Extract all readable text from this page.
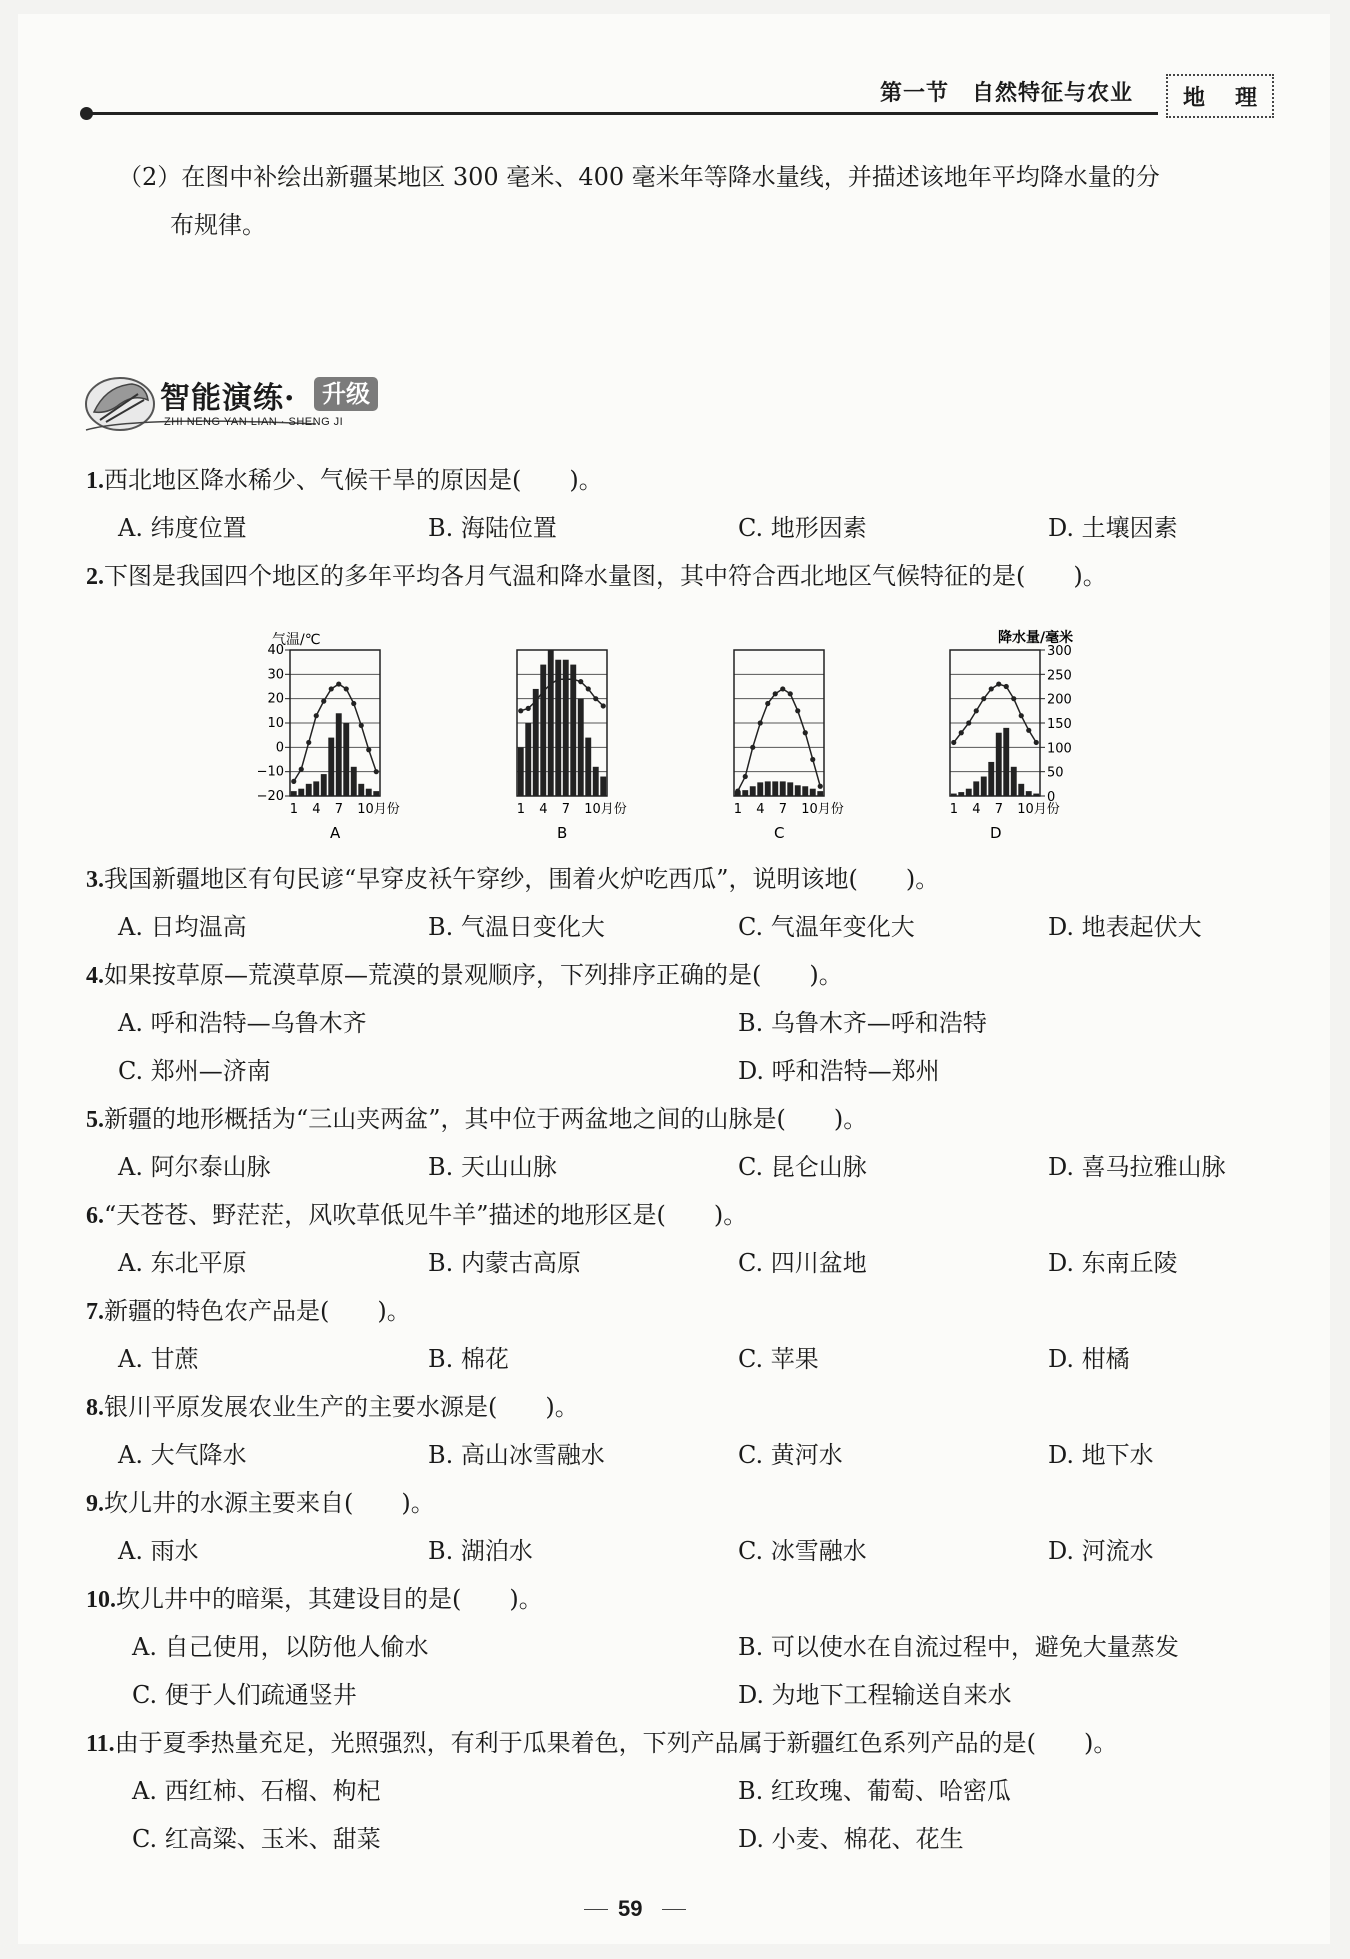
第一节　自然特征与农业 地 理
（2）在图中补绘出新疆某地区 300 毫米、400 毫米年等降水量线，并描述该地年平均降水量的分
布规律。
智能演练·	升级
ZHI NENG YAN LIAN · SHENG JI
1.西北地区降水稀少、气候干旱的原因是(　　)。
A. 纬度位置	B. 海陆位置	C. 地形因素	D. 土壤因素
2.下图是我国四个地区的多年平均各月气温和降水量图，其中符合西北地区气候特征的是(　　)。
气温/℃	降水量/毫米
1 4 7 10月份
A
40
30
20
10
0
−10
−20
1 4 7 10月份
B
1 4 7 10月份
C
1 4 7 10月份
D
300
250
200
150
100
50
0
3.我国新疆地区有句民谚“早穿皮袄午穿纱，围着火炉吃西瓜”，说明该地(　　)。
A. 日均温高	B. 气温日变化大	C. 气温年变化大	D. 地表起伏大
4.如果按草原—荒漠草原—荒漠的景观顺序，下列排序正确的是(　　)。
A. 呼和浩特—乌鲁木齐	B. 乌鲁木齐—呼和浩特
C. 郑州—济南	D. 呼和浩特—郑州
5.新疆的地形概括为“三山夹两盆”，其中位于两盆地之间的山脉是(　　)。
A. 阿尔泰山脉	B. 天山山脉	C. 昆仑山脉	D. 喜马拉雅山脉
6.“天苍苍、野茫茫，风吹草低见牛羊”描述的地形区是(　　)。
A. 东北平原	B. 内蒙古高原	C. 四川盆地	D. 东南丘陵
7.新疆的特色农产品是(　　)。
A. 甘蔗	B. 棉花	C. 苹果	D. 柑橘
8.银川平原发展农业生产的主要水源是(　　)。
A. 大气降水	B. 高山冰雪融水	C. 黄河水	D. 地下水
9.坎儿井的水源主要来自(　　)。
A. 雨水	B. 湖泊水	C. 冰雪融水	D. 河流水
10.坎儿井中的暗渠，其建设目的是(　　)。
A. 自己使用，以防他人偷水	B. 可以使水在自流过程中，避免大量蒸发
C. 便于人们疏通竖井	D. 为地下工程输送自来水
11.由于夏季热量充足，光照强烈，有利于瓜果着色，下列产品属于新疆红色系列产品的是(　　)。
A. 西红柿、石榴、枸杞	B. 红玫瑰、葡萄、哈密瓜
C. 红高粱、玉米、甜菜	D. 小麦、棉花、花生
59
